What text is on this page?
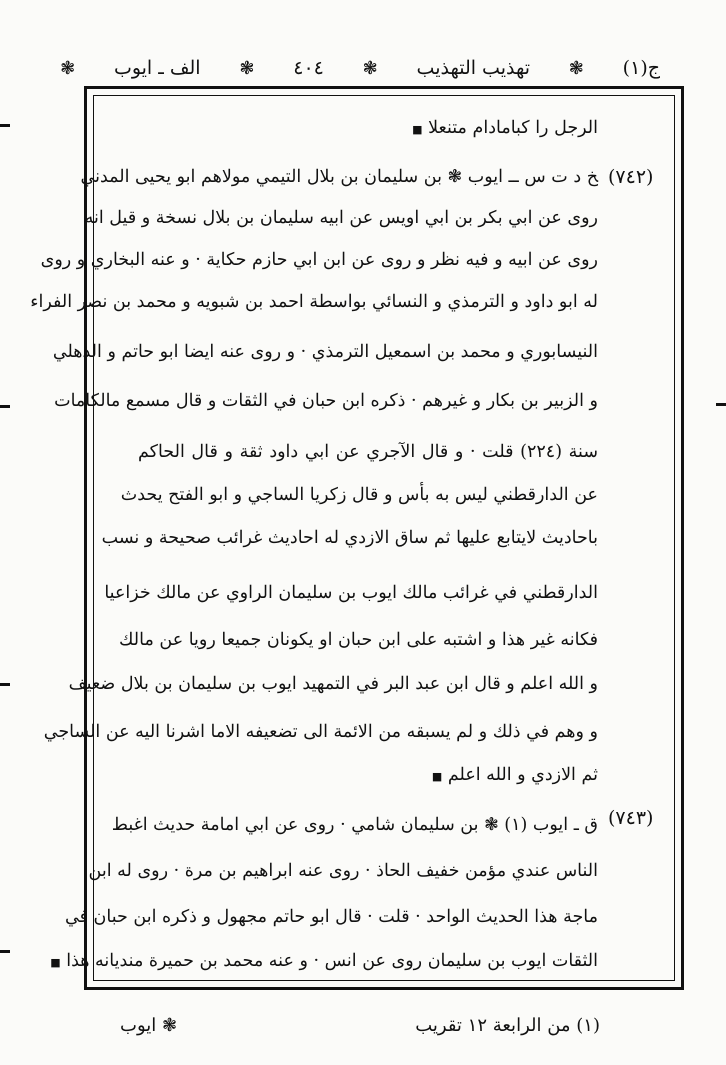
ج(١)
❃
تهذيب التهذيب
❃
٤٠٤
❃
الف ـ ايوب
❃
(٧٤٢)
(٧٤٣)
الرجل را كبامادام متنعلا ■
ﺦ د ت س ــ ايوب ❃ بن سليمان بن بلال التيمي مولاهم ابو يحيى المدني
روى عن ابي بكر بن ابي اويس عن ابيه سليمان بن بلال نسخة و قيل انه
روى عن ابيه و فيه نظر و روى عن ابن ابي حازم حكاية · و عنه البخاري و روى
له ابو داود و الترمذي و النسائي بواسطة احمد بن شبويه و محمد بن نصر الفراء
النيسابوري و محمد بن اسمعيل الترمذي · و روى عنه ايضا ابو حاتم و الذهلي
و الزبير بن بكار و غيرهم · ذكره ابن حبان في الثقات و قال مسمع مالكامات
سنة (٢٢٤) قلت · و قال الآجري عن ابي داود ثقة و قال الحاكم
عن الدارقطني ليس به بأس و قال زكريا الساجي و ابو الفتح يحدث
باحاديث لايتابع عليها ثم ساق الازدي له احاديث غرائب صحيحة و نسب
الدارقطني في غرائب مالك ايوب بن سليمان الراوي عن مالك خزاعيا
فكانه غير هذا و اشتبه على ابن حبان او يكونان جميعا رويا عن مالك
و الله اعلم و قال ابن عبد البر في التمهيد ايوب بن سليمان بن بلال ضعيف
و وهم في ذلك و لم يسبقه من الائمة الى تضعيفه الاما اشرنا اليه عن الساجي
ثم الازدي و الله اعلم ■
ﻕ ـ ايوب (١) ❃ بن سليمان شامي · روى عن ابي امامة حديث اغبط
الناس عندي مؤمن خفيف الحاذ · روى عنه ابراهيم بن مرة · روى له ابن
ماجة هذا الحديث الواحد · قلت · قال ابو حاتم مجهول و ذكره ابن حبان في
الثقات ايوب بن سليمان روى عن انس · و عنه محمد بن حميرة منديانه هذا ■
(١) من الرابعة ١٢ تقريب
❃ ايوب
